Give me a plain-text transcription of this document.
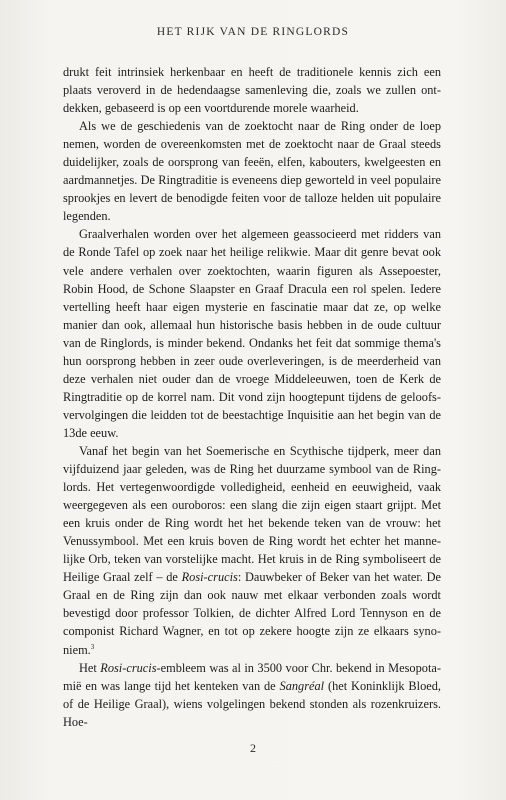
HET RIJK VAN DE RINGLORDS

drukt feit intrinsiek herkenbaar en heeft de traditionele kennis zich een plaats veroverd in de hedendaagse samenleving die, zoals we zullen ontdekken, gebaseerd is op een voortdurende morele waarheid.

Als we de geschiedenis van de zoektocht naar de Ring onder de loep nemen, worden de overeenkomsten met de zoektocht naar de Graal steeds duidelijker, zoals de oorsprong van feeën, elfen, kabouters, kwelgeesten en aardmannetjes. De Ringtraditie is eveneens diep geworteld in veel populaire sprookjes en levert de benodigde feiten voor de talloze helden uit populaire legenden.

Graalverhalen worden over het algemeen geassocieerd met ridders van de Ronde Tafel op zoek naar het heilige relikwie. Maar dit genre bevat ook vele andere verhalen over zoektochten, waarin figuren als Assepoester, Robin Hood, de Schone Slaapster en Graaf Dracula een rol spelen. Iedere vertelling heeft haar eigen mysterie en fascinatie maar dat ze, op welke manier dan ook, allemaal hun historische basis hebben in de oude cultuur van de Ringlords, is minder bekend. Ondanks het feit dat sommige thema's hun oorsprong hebben in zeer oude overleveringen, is de meerderheid van deze verhalen niet ouder dan de vroege Middeleeuwen, toen de Kerk de Ringtraditie op de korrel nam. Dit vond zijn hoogtepunt tijdens de geloofsvervolgingen die leidden tot de beestachtige Inquisitie aan het begin van de 13de eeuw.

Vanaf het begin van het Soemerische en Scythische tijdperk, meer dan vijfduizend jaar geleden, was de Ring het duurzame symbool van de Ringlords. Het vertegenwoordigde volledigheid, eenheid en eeuwigheid, vaak weergegeven als een ouroboros: een slang die zijn eigen staart grijpt. Met een kruis onder de Ring wordt het het bekende teken van de vrouw: het Venussymbool. Met een kruis boven de Ring wordt het echter het mannelijke Orb, teken van vorstelijke macht. Het kruis in de Ring symboliseert de Heilige Graal zelf – de Rosi-crucis: Dauwbeker of Beker van het water. De Graal en de Ring zijn dan ook nauw met elkaar verbonden zoals wordt bevestigd door professor Tolkien, de dichter Alfred Lord Tennyson en de componist Richard Wagner, en tot op zekere hoogte zijn ze elkaars synoniem.$^3$

Het Rosi-crucis-embleem was al in 3500 voor Chr. bekend in Mesopotamië en was lange tijd het kenteken van de Sangréal (het Koninklijk Bloed, of de Heilige Graal), wiens volgelingen bekend stonden als rozenkruizers. Hoe-

2
